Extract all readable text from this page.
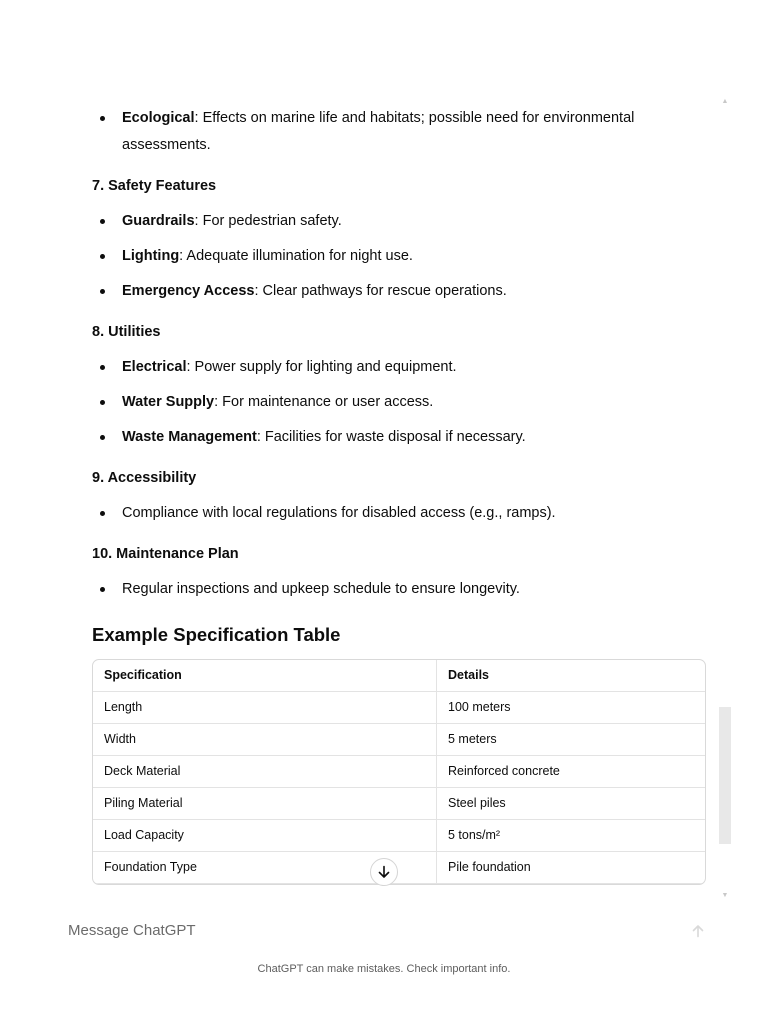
Ecological: Effects on marine life and habitats; possible need for environmental assessments.
7. Safety Features
Guardrails: For pedestrian safety.
Lighting: Adequate illumination for night use.
Emergency Access: Clear pathways for rescue operations.
8. Utilities
Electrical: Power supply for lighting and equipment.
Water Supply: For maintenance or user access.
Waste Management: Facilities for waste disposal if necessary.
9. Accessibility
Compliance with local regulations for disabled access (e.g., ramps).
10. Maintenance Plan
Regular inspections and upkeep schedule to ensure longevity.
Example Specification Table
Specification	Details
Length	100 meters
Width	5 meters
Deck Material	Reinforced concrete
Piling Material	Steel piles
Load Capacity	5 tons/m²
Foundation Type	Pile foundation
▲
▼
Message ChatGPT
ChatGPT can make mistakes. Check important info.
